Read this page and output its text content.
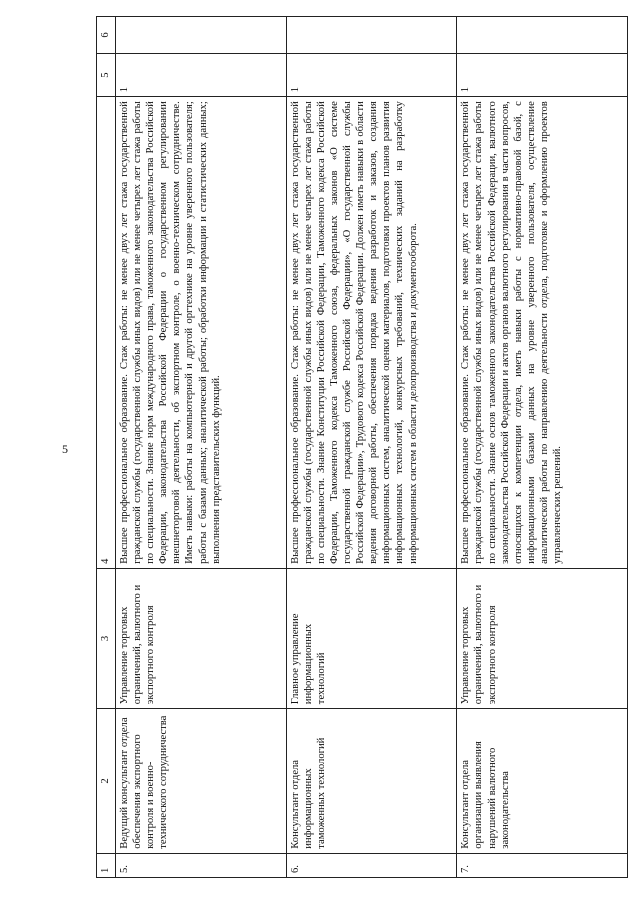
5
1	2	3	4	5	6
5.	Ведущий консультант отдела обеспечения экспортного контроля и военно-технического сотрудничества	Управление торговых ограничений, валютного и экспортного контроля	Высшее профессиональное образование. Стаж работы: не менее двух лет стажа государственной гражданской службы (государственной службы иных видов) или не менее четырех лет стажа работы по специальности. Знание норм международного права, таможенного законодательства Российской Федерации, законодательства Российской Федерации о государственном регулировании внешнеторговой деятельности, об экспортном контроле, о военно-техническом сотрудничестве. Иметь навыки: работы на компьютерной и другой оргтехнике на уровне уверенного пользователя; работы с базами данных; аналитической работы; обработки информации и статистических данных; выполнения представительских функций.	1	
6.	Консультант отдела информационных таможенных технологий	Главное управление информационных технологий	Высшее профессиональное образование. Стаж работы: не менее двух лет стажа государственной гражданской службы (государственной службы иных видов) или не менее четырех лет стажа работы по специальности. Знание Конституции Российской Федерации, Таможенного кодекса Российской Федерации, Таможенного кодекса Таможенного союза, федеральных законов «О системе государственной гражданской службе Российской Федерации», «О государственной службы Российской Федерации», Трудового кодекса Российской Федерации. Должен иметь навыки в области ведения договорной работы, обеспечения порядка ведения разработок и заказов, создания информационных систем, аналитической оценки материалов, подготовки проектов планов развития информационных технологий, конкурсных требований, технических заданий на разработку информационных систем в области делопроизводства и документооборота.	1	
7.	Консультант отдела организации выявления нарушений валютного законодательства	Управление торговых ограничений, валютного и экспортного контроля	Высшее профессиональное образование. Стаж работы: не менее двух лет стажа государственной гражданской службы (государственной службы иных видов) или не менее четырех лет стажа работы по специальности. Знание основ таможенного законодательства Российской Федерации, валютного законодательства Российской Федерации и актов органов валютного регулирования в части вопросов, относящихся к компетенции отдела, иметь навыки работы с нормативно-правовой базой, с информационными базами данных на уровне уверенного пользователя, осуществление аналитической работы по направлению деятельности отдела, подготовке и оформлению проектов управленческих решений.	1	
